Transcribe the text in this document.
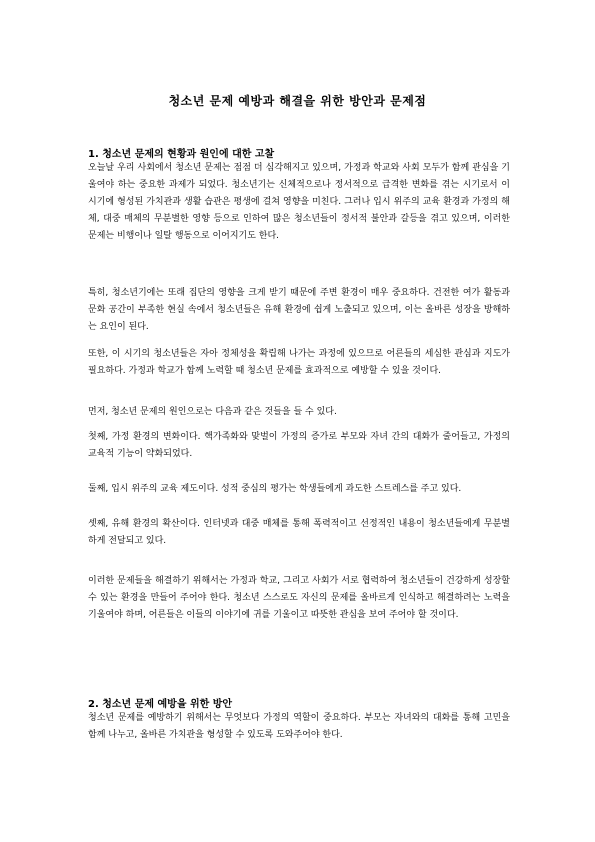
청소년 문제 예방과 해결을 위한 방안과 문제점
1. 청소년 문제의 현황과 원인에 대한 고찰

오늘날 우리 사회에서 청소년 문제는 점점 더 심각해지고 있으며, 가정과 학교와 사회 모두가 함께 관심을 기울여야 하는 중요한 과제가 되었다. 청소년기는 신체적으로나 정서적으로 급격한 변화를 겪는 시기로서 이 시기에 형성된 가치관과 생활 습관은 평생에 걸쳐 영향을 미친다. 그러나 입시 위주의 교육 환경과 가정의 해체, 대중 매체의 무분별한 영향 등으로 인하여 많은 청소년들이 정서적 불안과 갈등을 겪고 있으며, 이러한 문제는 비행이나 일탈 행동으로 이어지기도 한다.

특히, 청소년기에는 또래 집단의 영향을 크게 받기 때문에 주변 환경이 매우 중요하다. 건전한 여가 활동과 문화 공간이 부족한 현실 속에서 청소년들은 유해 환경에 쉽게 노출되고 있으며, 이는 올바른 성장을 방해하는 요인이 된다.

또한, 이 시기의 청소년들은 자아 정체성을 확립해 나가는 과정에 있으므로 어른들의 세심한 관심과 지도가 필요하다. 가정과 학교가 함께 노력할 때 청소년 문제를 효과적으로 예방할 수 있을 것이다.

먼저, 청소년 문제의 원인으로는 다음과 같은 것들을 들 수 있다.

첫째, 가정 환경의 변화이다. 핵가족화와 맞벌이 가정의 증가로 부모와 자녀 간의 대화가 줄어들고, 가정의 교육적 기능이 약화되었다.

둘째, 입시 위주의 교육 제도이다. 성적 중심의 평가는 학생들에게 과도한 스트레스를 주고 있다.

셋째, 유해 환경의 확산이다. 인터넷과 대중 매체를 통해 폭력적이고 선정적인 내용이 청소년들에게 무분별하게 전달되고 있다.

이러한 문제들을 해결하기 위해서는 가정과 학교, 그리고 사회가 서로 협력하여 청소년들이 건강하게 성장할 수 있는 환경을 만들어 주어야 한다. 청소년 스스로도 자신의 문제를 올바르게 인식하고 해결하려는 노력을 기울여야 하며, 어른들은 이들의 이야기에 귀를 기울이고 따뜻한 관심을 보여 주어야 할 것이다.

2. 청소년 문제 예방을 위한 방안

청소년 문제를 예방하기 위해서는 무엇보다 가정의 역할이 중요하다. 부모는 자녀와의 대화를 통해 고민을 함께 나누고, 올바른 가치관을 형성할 수 있도록 도와주어야 한다.
